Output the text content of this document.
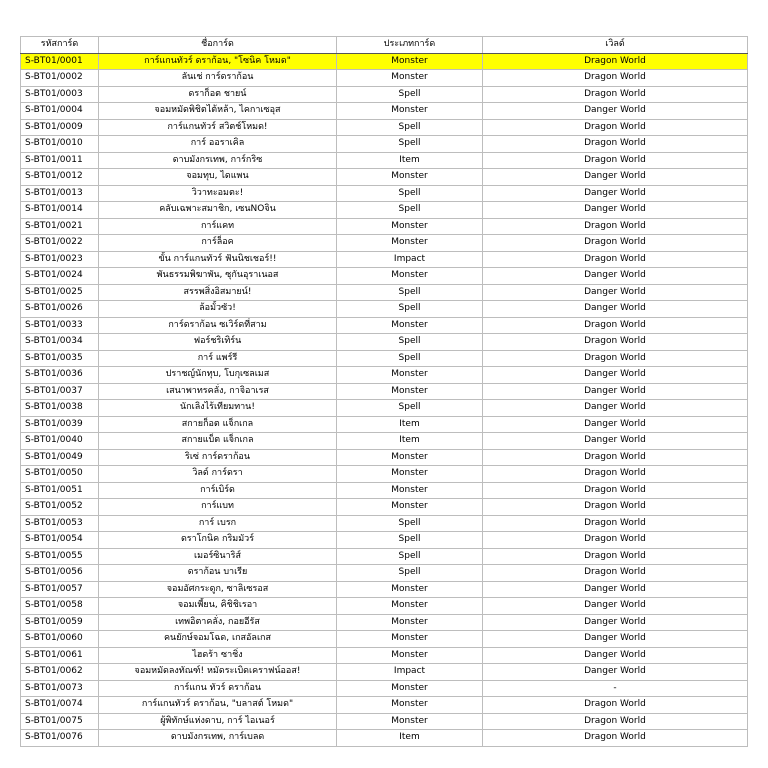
รหัสการ์ด	ชื่อการ์ด	ประเภทการ์ด	เวิลด์
S-BT01/0001	การ์แกนทัวร์ ดราก้อน, "โซนิค โหมด"	Monster	Dragon World
S-BT01/0002	ลันเช่ การ์ดราก้อน	Monster	Dragon World
S-BT01/0003	ดราก็อต ชายน์	Spell	Dragon World
S-BT01/0004	จอมหมัดพิชิตไต้หล้า, ไคกาเซอุส	Monster	Danger World
S-BT01/0009	การ์แกนทัวร์ สวิตช์โหมด!	Spell	Dragon World
S-BT01/0010	การ์ ออราเคิล	Spell	Dragon World
S-BT01/0011	ดาบมังกรเทพ, การ์กริซ	Item	Dragon World
S-BT01/0012	จอมทุบ, ไดแพน	Monster	Danger World
S-BT01/0013	วิวาทะอมตะ!	Spell	Danger World
S-BT01/0014	คลับเฉพาะสมาชิก, เซนNOจิน	Spell	Danger World
S-BT01/0021	การ์แคท	Monster	Dragon World
S-BT01/0022	การ์ล็อค	Monster	Dragon World
S-BT01/0023	ขั้น การ์แกนทัวร์ ฟันนิชเชอร์!!	Impact	Dragon World
S-BT01/0024	พันธรรมพิฆาพัน, ซุกันอุราเนอส	Monster	Danger World
S-BT01/0025	สรรพสิ่งอิสมายน์!	Spell	Danger World
S-BT01/0026	ล้อมั้วซัว!	Spell	Danger World
S-BT01/0033	การ์ดราก้อน ซเวิร์ดที่สาม	Monster	Dragon World
S-BT01/0034	ฟอร์ชริเทิร์น	Spell	Dragon World
S-BT01/0035	การ์ แพร์รี	Spell	Dragon World
S-BT01/0036	ปราชญ์นักทุบ, โบกุเซลเมส	Monster	Danger World
S-BT01/0037	เสนาพาทรคลั่ง, กาจิอาเรส	Monster	Danger World
S-BT01/0038	นักเลิงไร้เทียมทาน!	Spell	Danger World
S-BT01/0039	สกายก็อต แจ็กเกล	Item	Danger World
S-BT01/0040	สกายแบ็ต แจ็กเกล	Item	Danger World
S-BT01/0049	ริเซ่ การ์ดราก้อน	Monster	Dragon World
S-BT01/0050	วิลด์ การ์ดรา	Monster	Dragon World
S-BT01/0051	การ์เบิร์ด	Monster	Dragon World
S-BT01/0052	การ์แบท	Monster	Dragon World
S-BT01/0053	การ์ เบรก	Spell	Dragon World
S-BT01/0054	ดราโกนิค กริมมัวร์	Spell	Dragon World
S-BT01/0055	เมอร์ซินาริส์	Spell	Dragon World
S-BT01/0056	ดราก้อน บาเรีย	Spell	Dragon World
S-BT01/0057	จอมอัศกระดูก, ซาลิเซรอส	Monster	Danger World
S-BT01/0058	จอมเพี้ยน, คิชิชิเรอา	Monster	Danger World
S-BT01/0059	เทพอิตาคลั่ง, กอยอีรัส	Monster	Danger World
S-BT01/0060	คนยักษ์จอมโฉด, เกสอัลเกส	Monster	Danger World
S-BT01/0061	ไฮดร้า ซาชิ่ง	Monster	Danger World
S-BT01/0062	จอมหมัดลงทัณฑ์! หมัดระเบิดเคราฟน์ออส!	Impact	Danger World
S-BT01/0073	การ์แกน ทัวร์ ดราก้อน	Monster	-
S-BT01/0074	การ์แกนทัวร์ ดราก้อน, "บลาสต์ โหมด"	Monster	Dragon World
S-BT01/0075	ผู้พิทักษ์แห่งดาบ, การ์ ไอเนอร์	Monster	Dragon World
S-BT01/0076	ดาบมังกรเทพ, การ์เบลด	Item	Dragon World
